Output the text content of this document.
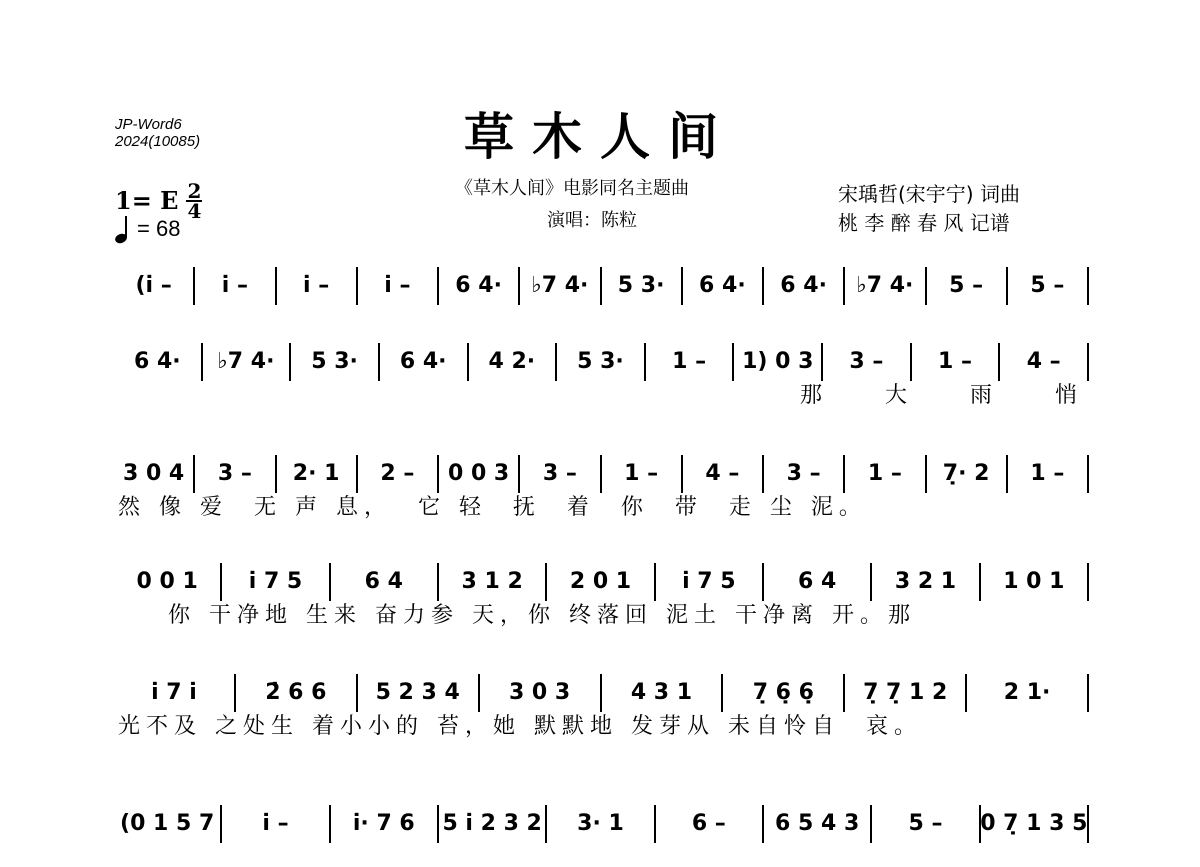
JP-Word6
2024(10085)	草木人间
《草木人间》电影同名主题曲
演唱：陈粒
宋瑀哲(宋宇宁) 词曲
桃 李 醉 春 风 记谱
1= E 2
4
= 68
(i̇ –	i̇ –	i̇ –	i̇ –	6 4·	♭7 4·	5 3·	6 4·	6 4·	♭7 4·	5 –	5 –
6 4·	♭7 4·	5 3·	6 4·	4 2·	5 3·	1 –	1) 0 3	3 –	1 –	4 –
那 大 雨 悄
3 0 4	3 –	2· 1	2 –	0 0 3	3 –	1 –	4 –	3 –	1 –	7̣· 2	1 –
然 像 爱  无 声 息，  它 轻  抚  着  你  带  走 尘 泥。
0 0 1	i̇ 7 5	6 4	3 1 2	2 0 1	i̇ 7 5	6 4	3 2 1	1 0 1
你 干净地 生来 奋力参 天，你 终落回 泥土 干净离 开。那
i̇ 7 i̇	2̇ 6 6	5 2 3 4	3 0 3	4 3 1	7̣ 6̣ 6̣	7̣ 7̣ 1 2	2 1·
光不及 之处生 着小小的 苔，她 默默地 发芽从 未自怜自  哀。
(0 1 5 7	i̇ –	i̇· 7 6	5 i̇ 2 3 2	3· 1	6 –	6 5 4 3	5 –	0 7̣ 1 3 5
